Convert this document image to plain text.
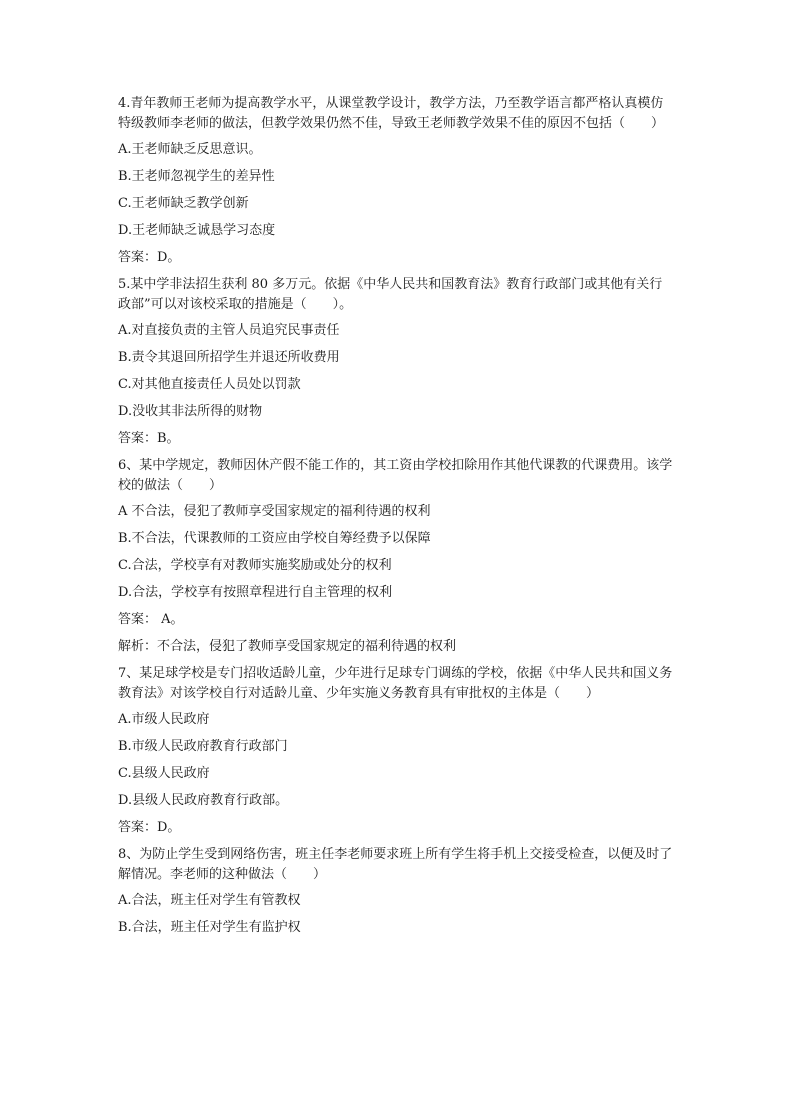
4.青年教师王老师为提高教学水平，从课堂教学设计，教学方法，乃至教学语言都严格认真模仿特级教师李老师的做法，但教学效果仍然不佳，导致王老师教学效果不佳的原因不包括（　　）

A.王老师缺乏反思意识。

B.王老师忽视学生的差异性

C.王老师缺乏教学创新

D.王老师缺乏诚恳学习态度

答案：D。

5.某中学非法招生获利 80 多万元。依据《中华人民共和国教育法》教育行政部门或其他有关行政部”可以对该校采取的措施是（　　）。

A.对直接负责的主管人员追究民事责任

B.责令其退回所招学生并退还所收费用

C.对其他直接责任人员处以罚款

D.没收其非法所得的财物

答案：B。

6、某中学规定，教师因休产假不能工作的，其工资由学校扣除用作其他代课教的代课费用。该学校的做法（　　）

A 不合法，侵犯了教师享受国家规定的福利待遇的权利

B.不合法，代课教师的工资应由学校自筹经费予以保障

C.合法，学校享有对教师实施奖励或处分的权利

D.合法，学校享有按照章程进行自主管理的权利

答案： A。

解析：不合法，侵犯了教师享受国家规定的福利待遇的权利

7、某足球学校是专门招收适龄儿童，少年进行足球专门调练的学校，依据《中华人民共和国义务教育法》对该学校自行对适龄儿童、少年实施义务教育具有审批权的主体是（　　）

A.市级人民政府

B.市级人民政府教育行政部门

C.县级人民政府

D.县级人民政府教育行政部。

答案：D。

8、为防止学生受到网络伤害，班主任李老师要求班上所有学生将手机上交接受检查，以便及时了解情况。李老师的这种做法（　　）

A.合法，班主任对学生有管教权

B.合法，班主任对学生有监护权
